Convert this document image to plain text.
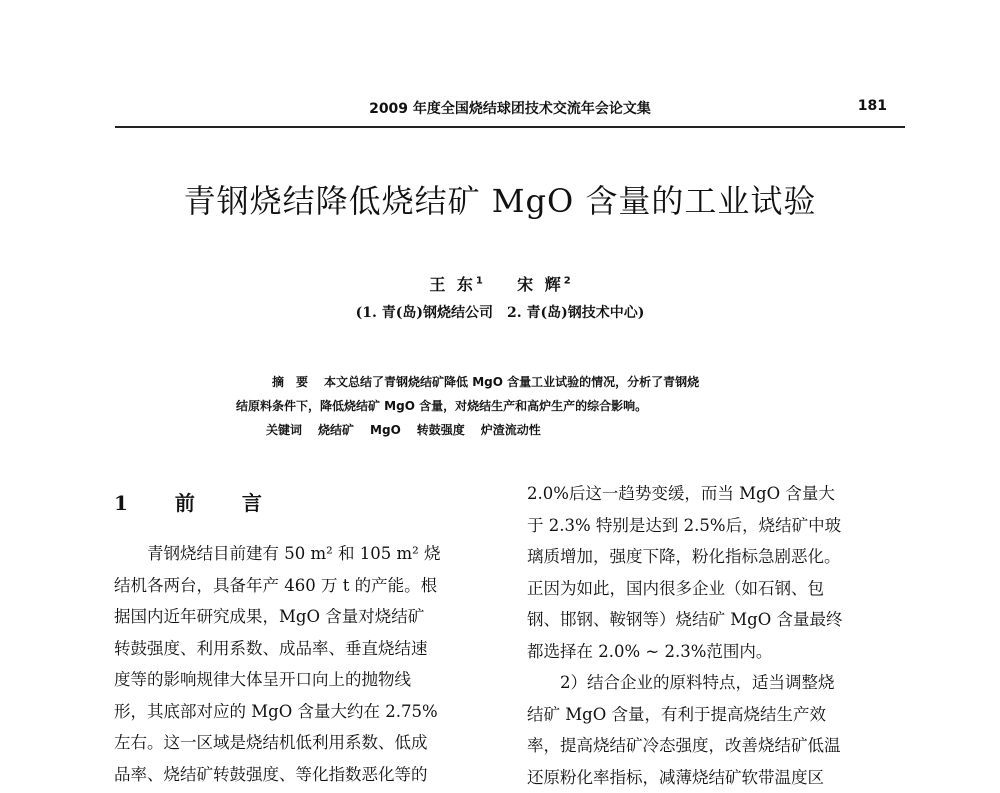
2009 年度全国烧结球团技术交流年会论文集	181
青钢烧结降低烧结矿 MgO 含量的工业试验
王 东$^1$ 宋 辉$^2$
(1. 青(岛)钢烧结公司　2. 青(岛)钢技术中心)
摘　要 本文总结了青钢烧结矿降低 MgO 含量工业试验的情况，分析了青钢烧
结原料条件下，降低烧结矿 MgO 含量，对烧结生产和高炉生产的综合影响。
关键词 烧结矿 MgO 转鼓强度 炉渣流动性
1 前 言
青钢烧结目前建有 50 m² 和 105 m² 烧
结机各两台，具备年产 460 万 t 的产能。根
据国内近年研究成果，MgO 含量对烧结矿
转鼓强度、利用系数、成品率、垂直烧结速
度等的影响规律大体呈开口向上的抛物线
形，其底部对应的 MgO 含量大约在 2.75%
左右。这一区域是烧结机低利用系数、低成
品率、烧结矿转鼓强度、等化指数恶化等的
2.0%后这一趋势变缓，而当 MgO 含量大
于 2.3% 特别是达到 2.5%后，烧结矿中玻
璃质增加，强度下降，粉化指标急剧恶化。
正因为如此，国内很多企业（如石钢、包
钢、邯钢、鞍钢等）烧结矿 MgO 含量最终
都选择在 2.0% ~ 2.3%范围内。
2）结合企业的原料特点，适当调整烧
结矿 MgO 含量，有利于提高烧结生产效
率，提高烧结矿冷态强度，改善烧结矿低温
还原粉化率指标，减薄烧结矿软带温度区
